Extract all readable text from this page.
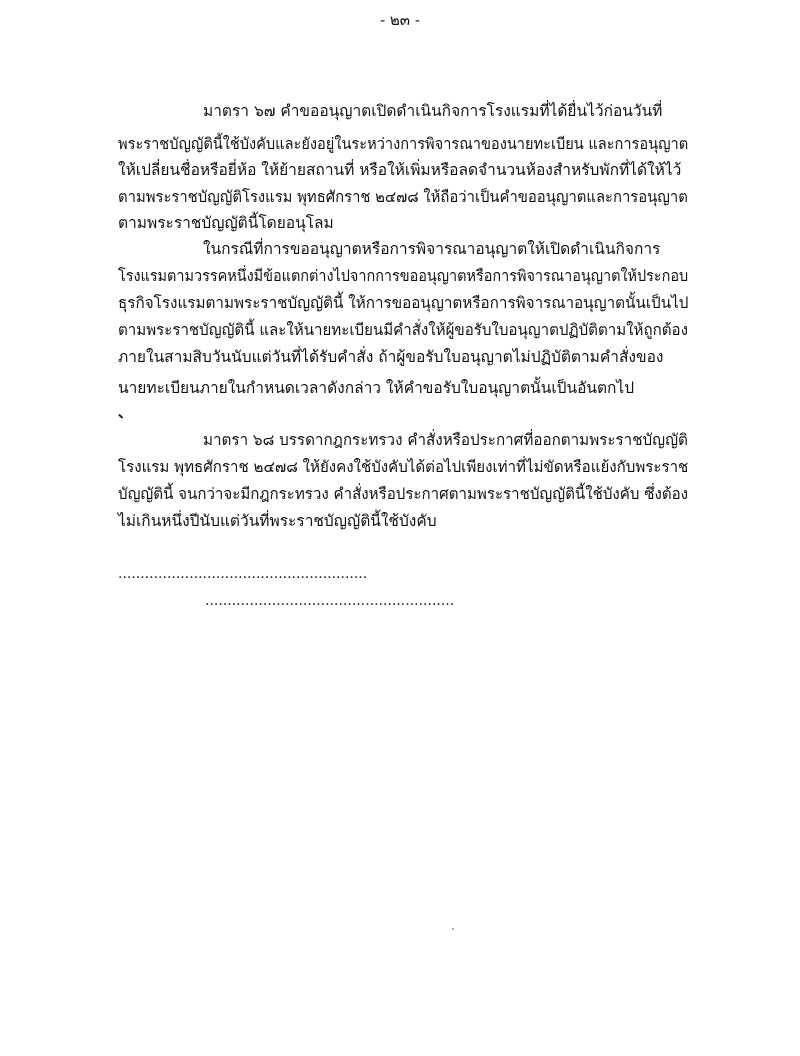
- ๒๓ -
มาตรา ๖๗ คำขออนุญาตเปิดดำเนินกิจการโรงแรมที่ได้ยื่นไว้ก่อนวันที่
พระราชบัญญัตินี้ใช้บังคับและยังอยู่ในระหว่างการพิจารณาของนายทะเบียน และการอนุญาต
ให้เปลี่ยนชื่อหรือยี่ห้อ ให้ย้ายสถานที่ หรือให้เพิ่มหรือลดจำนวนห้องสำหรับพักที่ได้ให้ไว้
ตามพระราชบัญญัติโรงแรม พุทธศักราช ๒๔๗๘ ให้ถือว่าเป็นคำขออนุญาตและการอนุญาต
ตามพระราชบัญญัตินี้โดยอนุโลม
ในกรณีที่การขออนุญาตหรือการพิจารณาอนุญาตให้เปิดดำเนินกิจการ
โรงแรมตามวรรคหนึ่งมีข้อแตกต่างไปจากการขออนุญาตหรือการพิจารณาอนุญาตให้ประกอบ
ธุรกิจโรงแรมตามพระราชบัญญัตินี้ ให้การขออนุญาตหรือการพิจารณาอนุญาตนั้นเป็นไป
ตามพระราชบัญญัตินี้ และให้นายทะเบียนมีคำสั่งให้ผู้ขอรับใบอนุญาตปฏิบัติตามให้ถูกต้อง
ภายในสามสิบวันนับแต่วันที่ได้รับคำสั่ง ถ้าผู้ขอรับใบอนุญาตไม่ปฏิบัติตามคำสั่งของ
นายทะเบียนภายในกำหนดเวลาดังกล่าว ให้คำขอรับใบอนุญาตนั้นเป็นอันตกไป
มาตรา ๖๘ บรรดากฎกระทรวง คำสั่งหรือประกาศที่ออกตามพระราชบัญญัติ
โรงแรม พุทธศักราช ๒๔๗๘ ให้ยังคงใช้บังคับได้ต่อไปเพียงเท่าที่ไม่ขัดหรือแย้งกับพระราช
บัญญัตินี้ จนกว่าจะมีกฎกระทรวง คำสั่งหรือประกาศตามพระราชบัญญัตินี้ใช้บังคับ ซึ่งต้อง
ไม่เกินหนึ่งปีนับแต่วันที่พระราชบัญญัตินี้ใช้บังคับ
........................................................
........................................................
